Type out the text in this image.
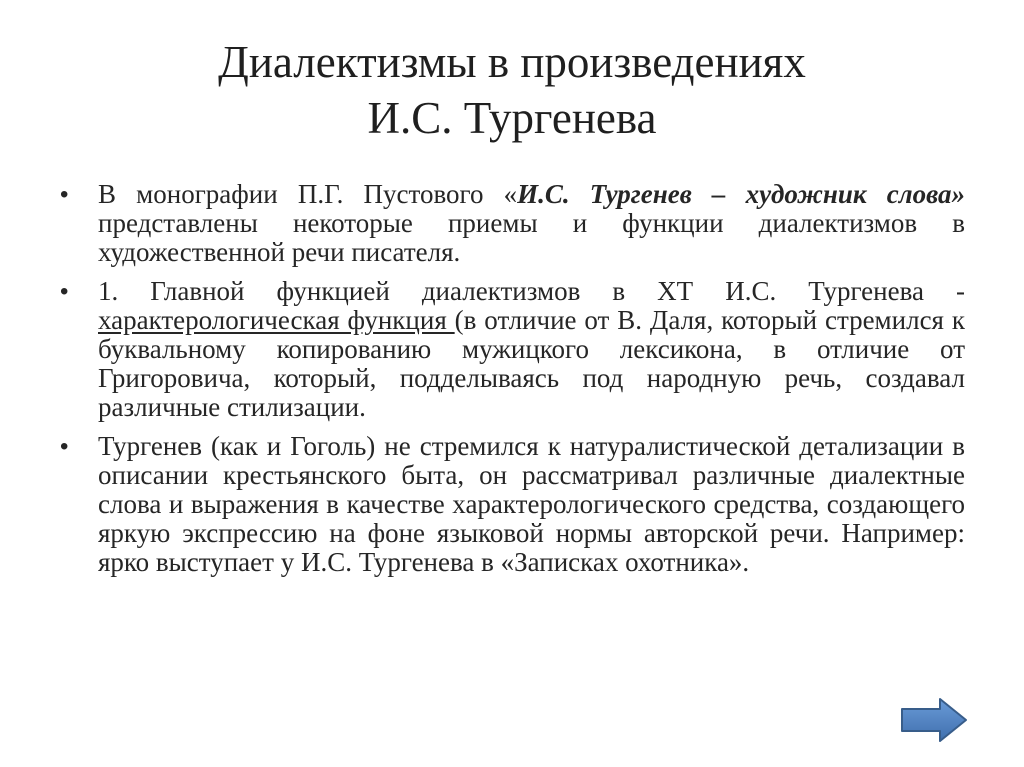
Диалектизмы в произведениях
И.С. Тургенева
• В монографии П.Г. Пустового «И.С. Тургенев – художник слова» представлены некоторые приемы и функции диалектизмов в художественной речи писателя.
• 1. Главной функцией диалектизмов в ХТ И.С. Тургенева - характерологическая функция (в отличие от В. Даля, который стремился к буквальному копированию мужицкого лексикона, в отличие от Григоровича, который, подделываясь под народную речь, создавал различные стилизации.
• Тургенев (как и Гоголь) не стремился к натуралистической детализации в описании крестьянского быта, он рассматривал различные диалектные слова и выражения в качестве характерологического средства, создающего яркую экспрессию на фоне языковой нормы авторской речи. Например: ярко выступает у И.С. Тургенева в «Записках охотника».
